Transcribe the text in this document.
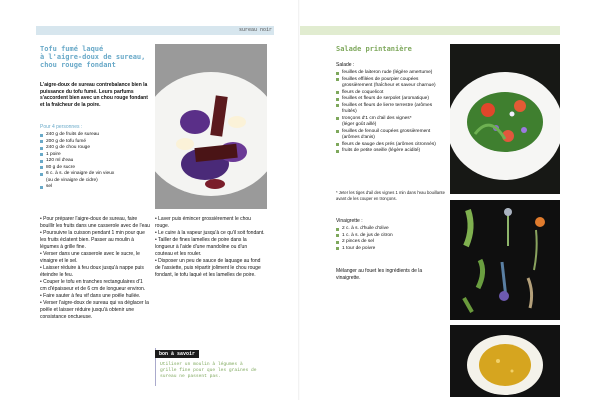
sureau noir
Tofu fumé laqué
à l'aigre-doux de sureau,
chou rouge fondant
L'aigre-doux de sureau contrebalance bien la puissance du tofu fumé. Leurs parfums s'accordent bien avec un chou rouge fondant et la fraîcheur de la poire.
Pour 4 personnes :
240 g de fruits de sureau
200 g de tofu fumé
240 g de chou rouge
1 poire
120 ml d'eau
80 g de sucre
6 c. à s. de vinaigre de vin vieux
(ou de vinaigre de cidre)
sel
• Pour préparer l'aigre-doux de sureau, faire bouillir les fruits dans une casserole avec de l'eau
• Poursuivre la cuisson pendant 1 min pour que les fruits éclatent bien. Passer au moulin à légumes à grille fine.
• Verser dans une casserole avec le sucre, le vinaigre et le sel.
• Laisser réduire à feu doux jusqu'à nappe puis éteindre le feu.
• Couper le tofu en tranches rectangulaires d'1 cm d'épaisseur et de 6 cm de longueur environ.
• Faire sauter à feu vif dans une poêle huilée.
• Verser l'aigre-doux de sureau qui va déglacer la poêle et laisser réduire jusqu'à obtenir une consistance onctueuse.
• Laver puis émincer grossièrement le chou rouge.
• Le cuire à la vapeur jusqu'à ce qu'il soit fondant.
• Tailler de fines lamelles de poire dans la longueur à l'aide d'une mandoline ou d'un couteau et les rouler.
• Disposer un peu de sauce de laquage au fond de l'assiette, puis répartir joliment le chou rouge fondant, le tofu laqué et les lamelles de poire.
bon à savoir
Utiliser un moulin à légumes à grille fine pour que les graines de sureau ne passent pas.
Salade printanière
Salade :
feuilles de laiteron rude (légère amertume)
feuilles effilées de pourpier coupées grossièrement (fraîcheur et saveur charnue)
fleurs de coquelicot
feuilles et fleurs de serpolet (aromatique)
feuilles et fleurs de lierre terrestre (arômes fruités)
tronçons d'1 cm d'ail des vignes*
(léger goût aillé)
feuilles de fenouil coupées grossièrement (arômes d'anis)
fleurs de sauge des prés (arômes citronnés)
fruits de petite oseille (légère acidité)
* Jeter les tiges d'ail des vignes 1 min dans l'eau bouillante avant de les couper en tronçons.
Vinaigrette :
2 c. à s. d'huile d'olive
1 c. à s. de jus de citron
2 pinces de sel
1 tour de poivre
Mélanger au fouet les ingrédients de la vinaigrette.
